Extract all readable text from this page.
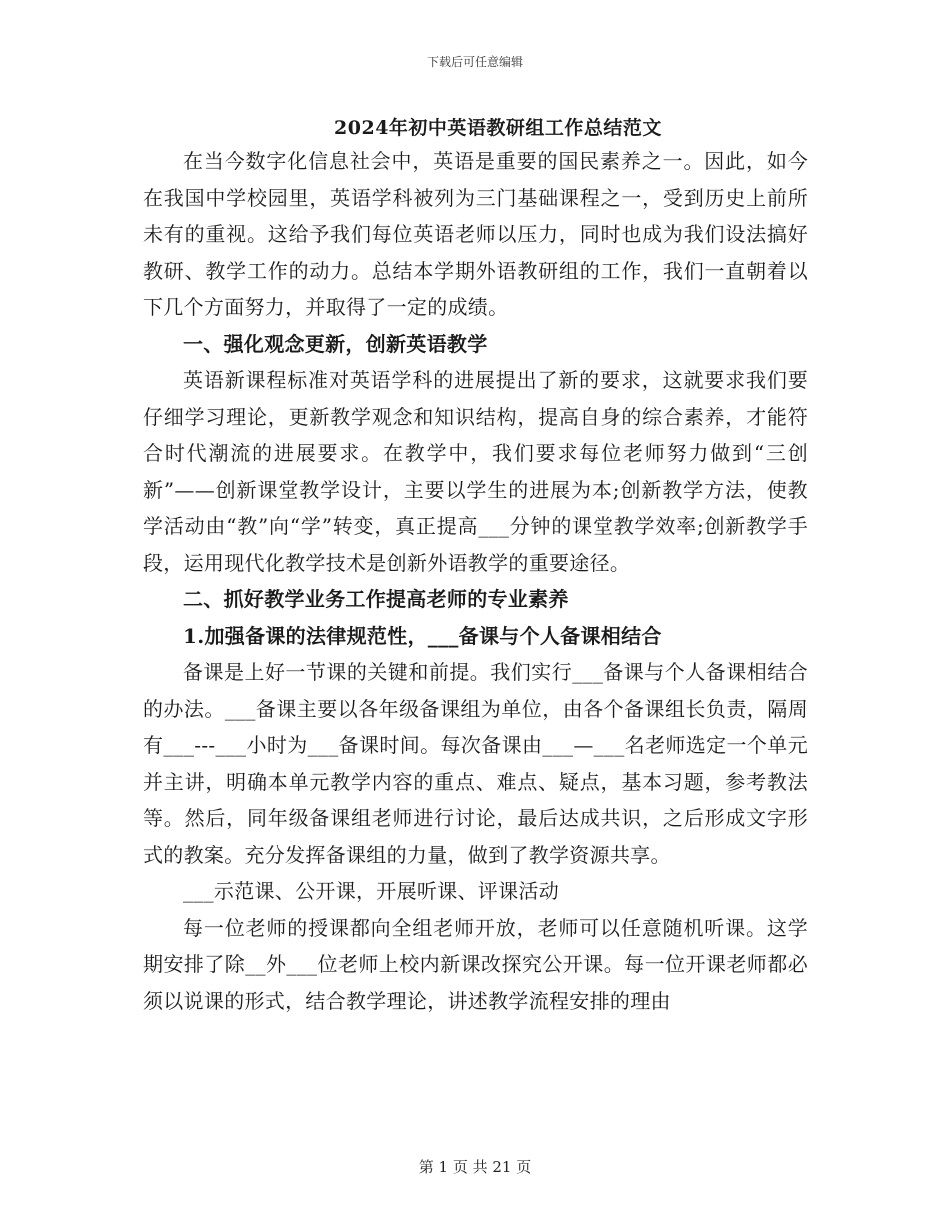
下载后可任意编辑
2024年初中英语教研组工作总结范文

在当今数字化信息社会中，英语是重要的国民素养之一。因此，如今在我国中学校园里，英语学科被列为三门基础课程之一，受到历史上前所未有的重视。这给予我们每位英语老师以压力，同时也成为我们设法搞好教研、教学工作的动力。总结本学期外语教研组的工作，我们一直朝着以下几个方面努力，并取得了一定的成绩。

一、强化观念更新，创新英语教学

英语新课程标准对英语学科的进展提出了新的要求，这就要求我们要仔细学习理论，更新教学观念和知识结构，提高自身的综合素养，才能符合时代潮流的进展要求。在教学中，我们要求每位老师努力做到“三创新”——创新课堂教学设计，主要以学生的进展为本;创新教学方法，使教学活动由“教”向“学”转变，真正提高___分钟的课堂教学效率;创新教学手段，运用现代化教学技术是创新外语教学的重要途径。

二、抓好教学业务工作提高老师的专业素养

1.加强备课的法律规范性，___备课与个人备课相结合

备课是上好一节课的关键和前提。我们实行___备课与个人备课相结合的办法。___备课主要以各年级备课组为单位，由各个备课组长负责，隔周有___---___小时为___备课时间。每次备课由___—___名老师选定一个单元并主讲，明确本单元教学内容的重点、难点、疑点，基本习题，参考教法等。然后，同年级备课组老师进行讨论，最后达成共识，之后形成文字形式的教案。充分发挥备课组的力量，做到了教学资源共享。

___示范课、公开课，开展听课、评课活动

每一位老师的授课都向全组老师开放，老师可以任意随机听课。这学期安排了除__外___位老师上校内新课改探究公开课。每一位开课老师都必须以说课的形式，结合教学理论，讲述教学流程安排的理由

第 1 页 共 21 页
